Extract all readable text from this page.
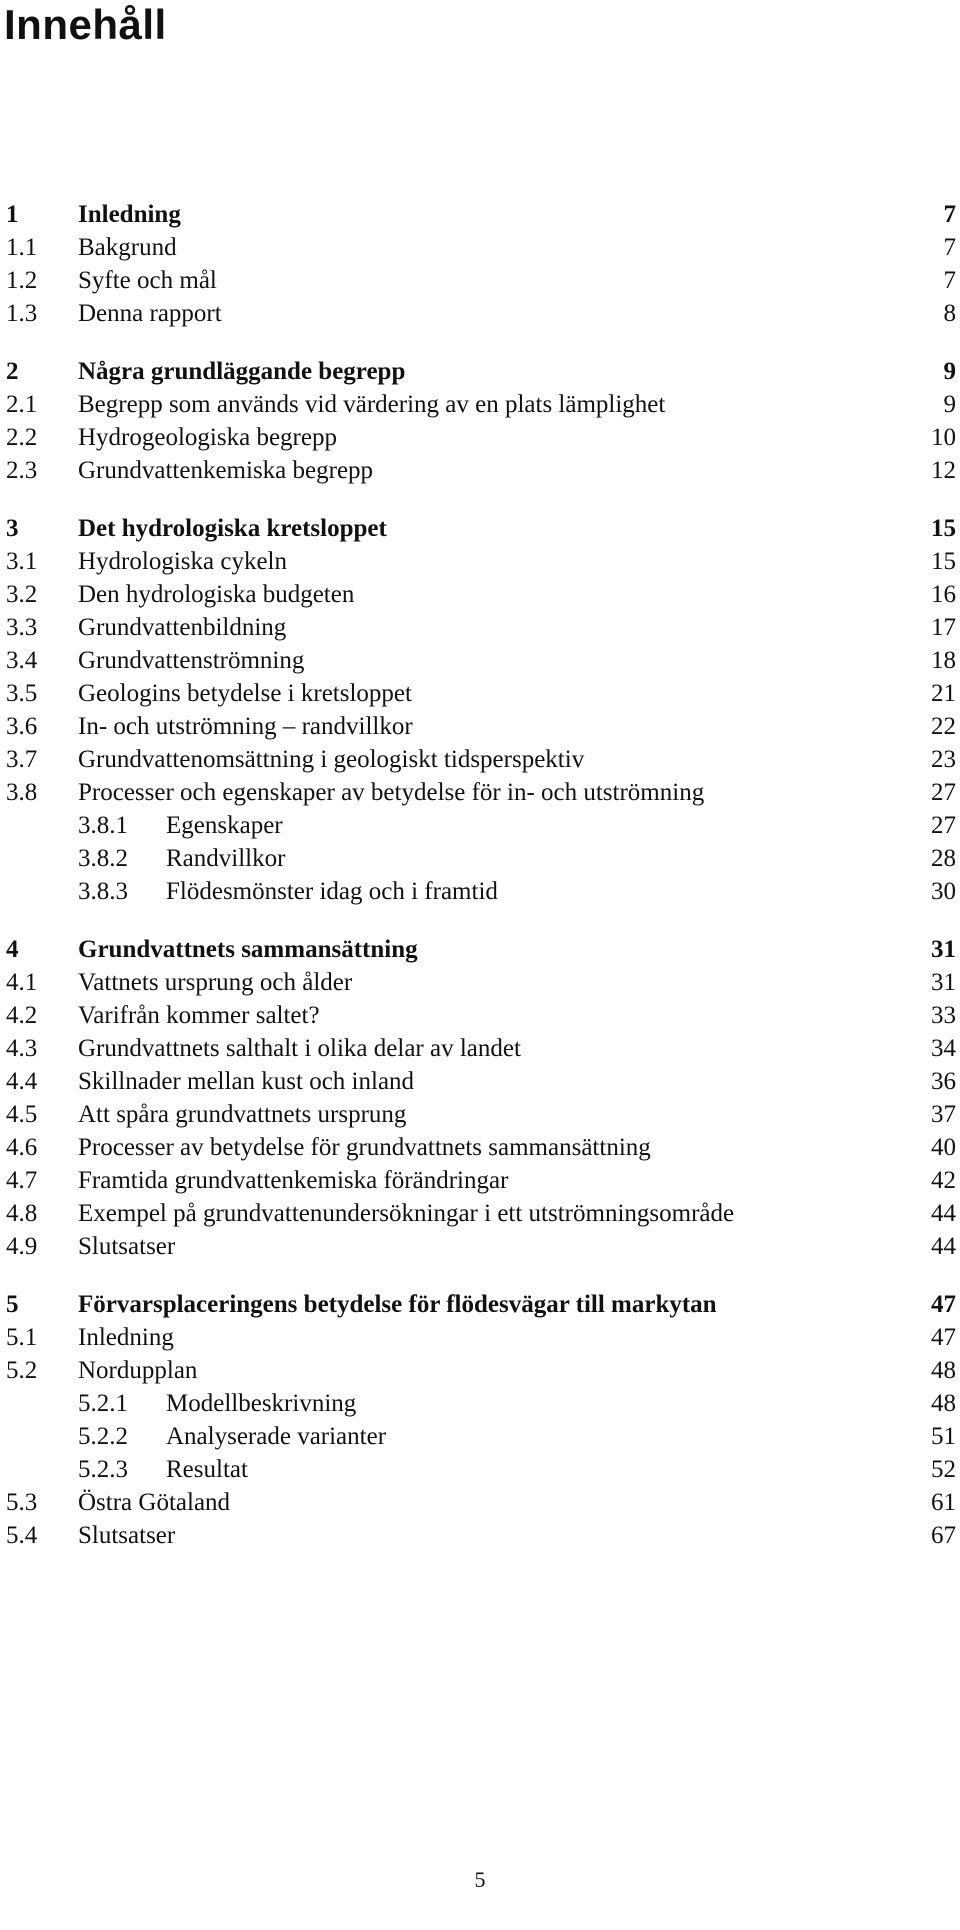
Innehåll
1 Inledning	7
1.1 Bakgrund	7
1.2 Syfte och mål	7
1.3 Denna rapport	8
2 Några grundläggande begrepp	9
2.1 Begrepp som används vid värdering av en plats lämplighet	9
2.2 Hydrogeologiska begrepp	10
2.3 Grundvattenkemiska begrepp	12
3 Det hydrologiska kretsloppet	15
3.1 Hydrologiska cykeln	15
3.2 Den hydrologiska budgeten	16
3.3 Grundvattenbildning	17
3.4 Grundvattenströmning	18
3.5 Geologins betydelse i kretsloppet	21
3.6 In- och utströmning – randvillkor	22
3.7 Grundvattenomsättning i geologiskt tidsperspektiv	23
3.8 Processer och egenskaper av betydelse för in- och utströmning	27
3.8.1 Egenskaper	27
3.8.2 Randvillkor	28
3.8.3 Flödesmönster idag och i framtid	30
4 Grundvattnets sammansättning	31
4.1 Vattnets ursprung och ålder	31
4.2 Varifrån kommer saltet?	33
4.3 Grundvattnets salthalt i olika delar av landet	34
4.4 Skillnader mellan kust och inland	36
4.5 Att spåra grundvattnets ursprung	37
4.6 Processer av betydelse för grundvattnets sammansättning	40
4.7 Framtida grundvattenkemiska förändringar	42
4.8 Exempel på grundvattenundersökningar i ett utströmningsområde	44
4.9 Slutsatser	44
5 Förvarsplaceringens betydelse för flödesvägar till markytan	47
5.1 Inledning	47
5.2 Nordupplan	48
5.2.1 Modellbeskrivning	48
5.2.2 Analyserade varianter	51
5.2.3 Resultat	52
5.3 Östra Götaland	61
5.4 Slutsatser	67
5
